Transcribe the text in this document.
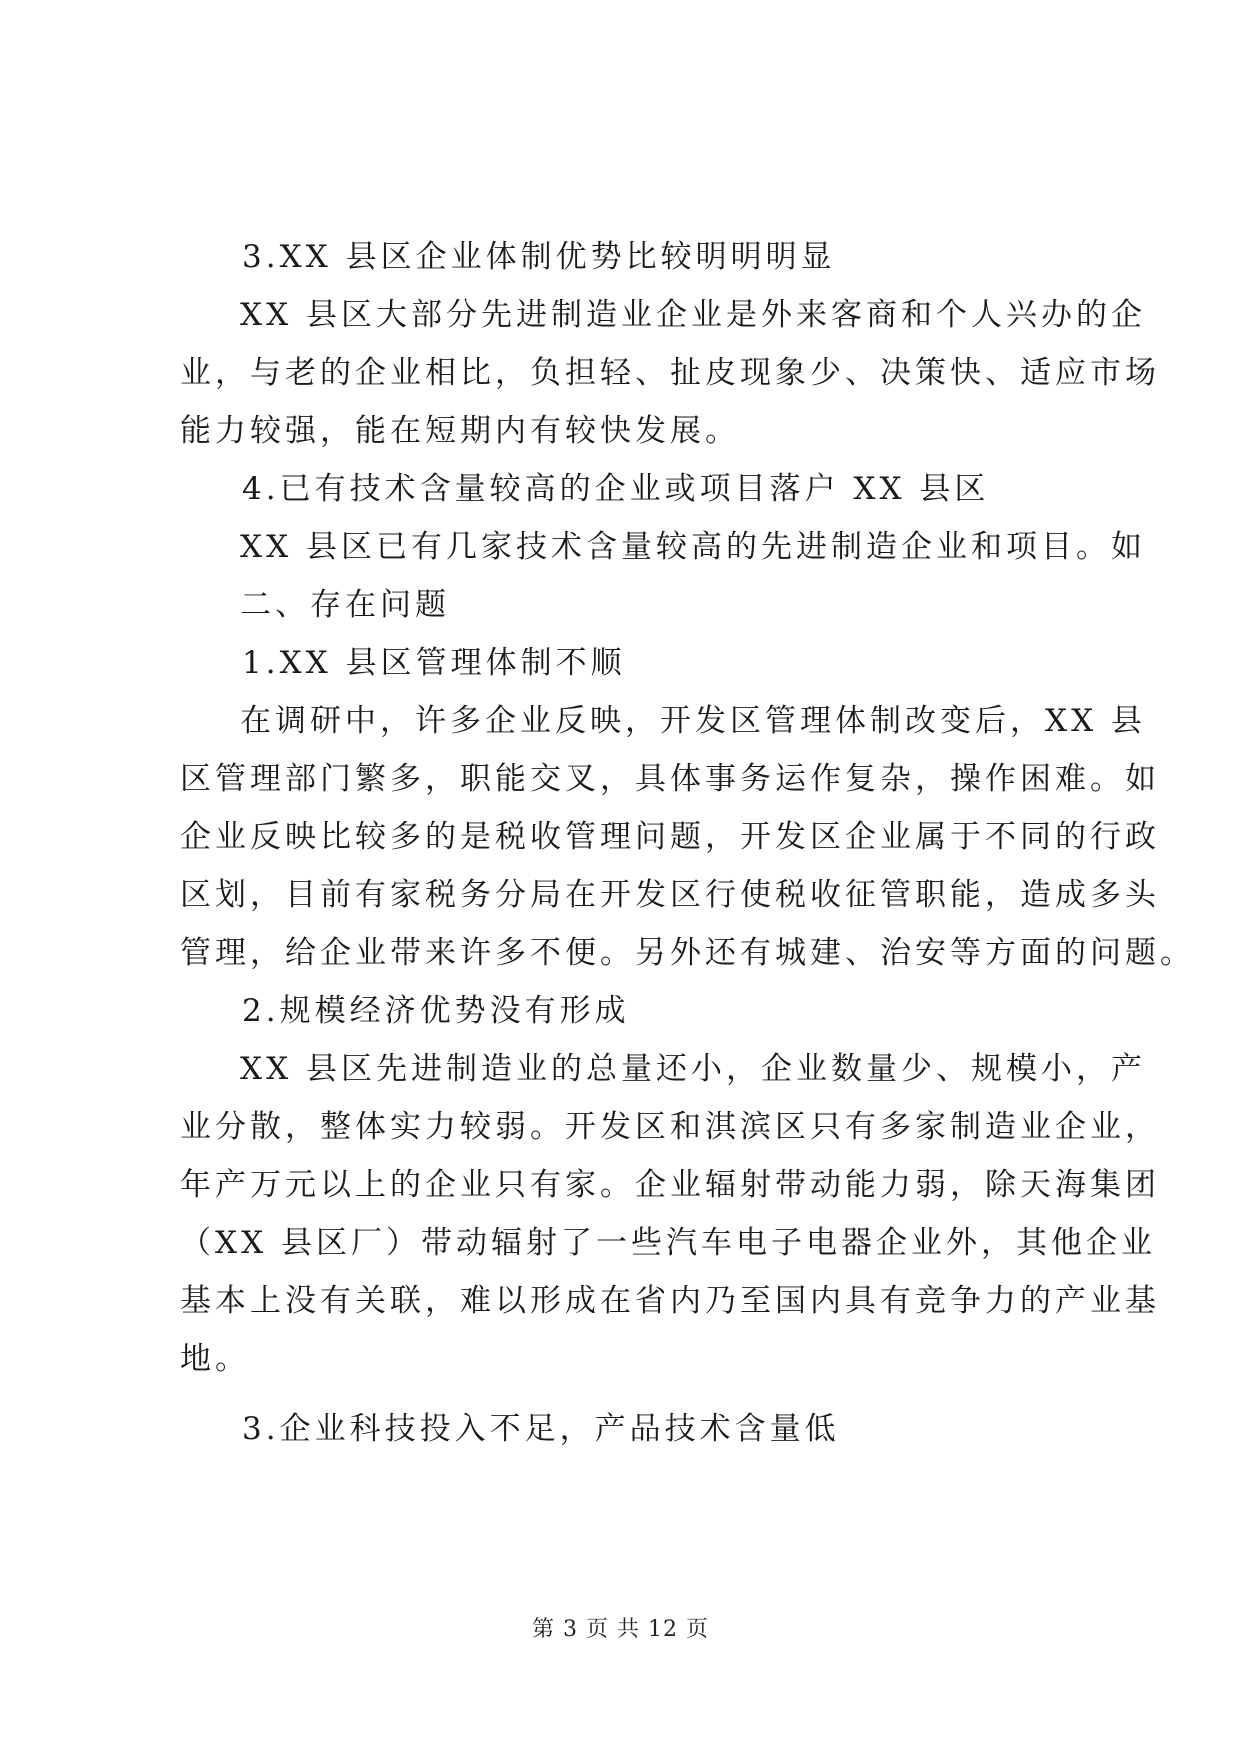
3.XX 县区企业体制优势比较明明明显
XX 县区大部分先进制造业企业是外来客商和个人兴办的企
业，与老的企业相比，负担轻、扯皮现象少、决策快、适应市场
能力较强，能在短期内有较快发展。
4.已有技术含量较高的企业或项目落户 XX 县区
XX 县区已有几家技术含量较高的先进制造企业和项目。如
二、存在问题
1.XX 县区管理体制不顺
在调研中，许多企业反映，开发区管理体制改变后，XX 县
区管理部门繁多，职能交叉，具体事务运作复杂，操作困难。如
企业反映比较多的是税收管理问题，开发区企业属于不同的行政
区划，目前有家税务分局在开发区行使税收征管职能，造成多头
管理，给企业带来许多不便。另外还有城建、治安等方面的问题。
2.规模经济优势没有形成
XX 县区先进制造业的总量还小，企业数量少、规模小，产
业分散，整体实力较弱。开发区和淇滨区只有多家制造业企业，
年产万元以上的企业只有家。企业辐射带动能力弱，除天海集团
（XX 县区厂）带动辐射了一些汽车电子电器企业外，其他企业
基本上没有关联，难以形成在省内乃至国内具有竞争力的产业基
地。
3.企业科技投入不足，产品技术含量低
第 3 页 共 12 页
